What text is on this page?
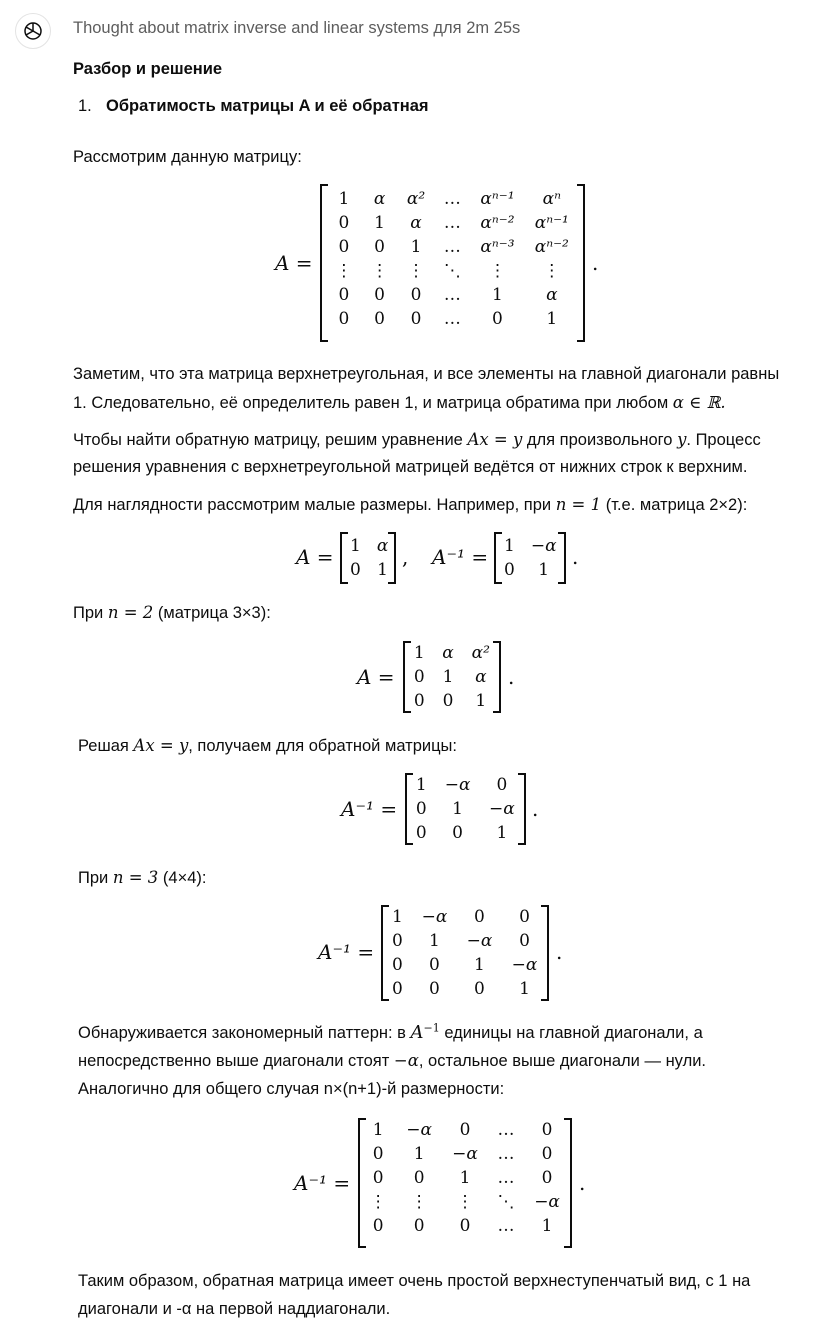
Thought about matrix inverse and linear systems для 2m 25s
Разбор и решение
1. Обратимость матрицы A и её обратная
Рассмотрим данную матрицу:
A =
1	α	α²	…	αⁿ⁻¹	αⁿ
0	1	α	…	αⁿ⁻²	αⁿ⁻¹
0	0	1	…	αⁿ⁻³	αⁿ⁻²
⋮	⋮	⋮	⋱	⋮	⋮
0	0	0	…	1	α
0	0	0	…	0	1
.
Заметим, что эта матрица верхнетреугольная, и все элементы на главной диагонали равны
1. Следовательно, её определитель равен 1, и матрица обратима при любом α ∈ ℝ.
Чтобы найти обратную матрицу, решим уравнение Ax = y для произвольного y. Процесс
решения уравнения с верхнетреугольной матрицей ведётся от нижних строк к верхним.
Для наглядности рассмотрим малые размеры. Например, при n = 1 (т.е. матрица 2×2):
A = 1	α
0	1
, A⁻¹ = 1	−α
0	1
.
При n = 2 (матрица 3×3):
A =
1	α	α²
0	1	α
0	0	1
.
Решая Ax = y, получаем для обратной матрицы:
A⁻¹ =
1	−α	0
0	1	−α
0	0	1
.
При n = 3 (4×4):
A⁻¹ =
1	−α	0	0
0	1	−α	0
0	0	1	−α
0	0	0	1
.
Обнаруживается закономерный паттерн: в $A^{-1}$ единицы на главной диагонали, а
непосредственно выше диагонали стоят −α, остальное выше диагонали — нули.
Аналогично для общего случая n×(n+1)-й размерности:
A⁻¹ =
1	−α	0	…	0
0	1	−α	…	0
0	0	1	…	0
⋮	⋮	⋮	⋱	−α
0	0	0	…	1
.
Таким образом, обратная матрица имеет очень простой верхнеступенчатый вид, с 1 на
диагонали и -α на первой наддиагонали.
